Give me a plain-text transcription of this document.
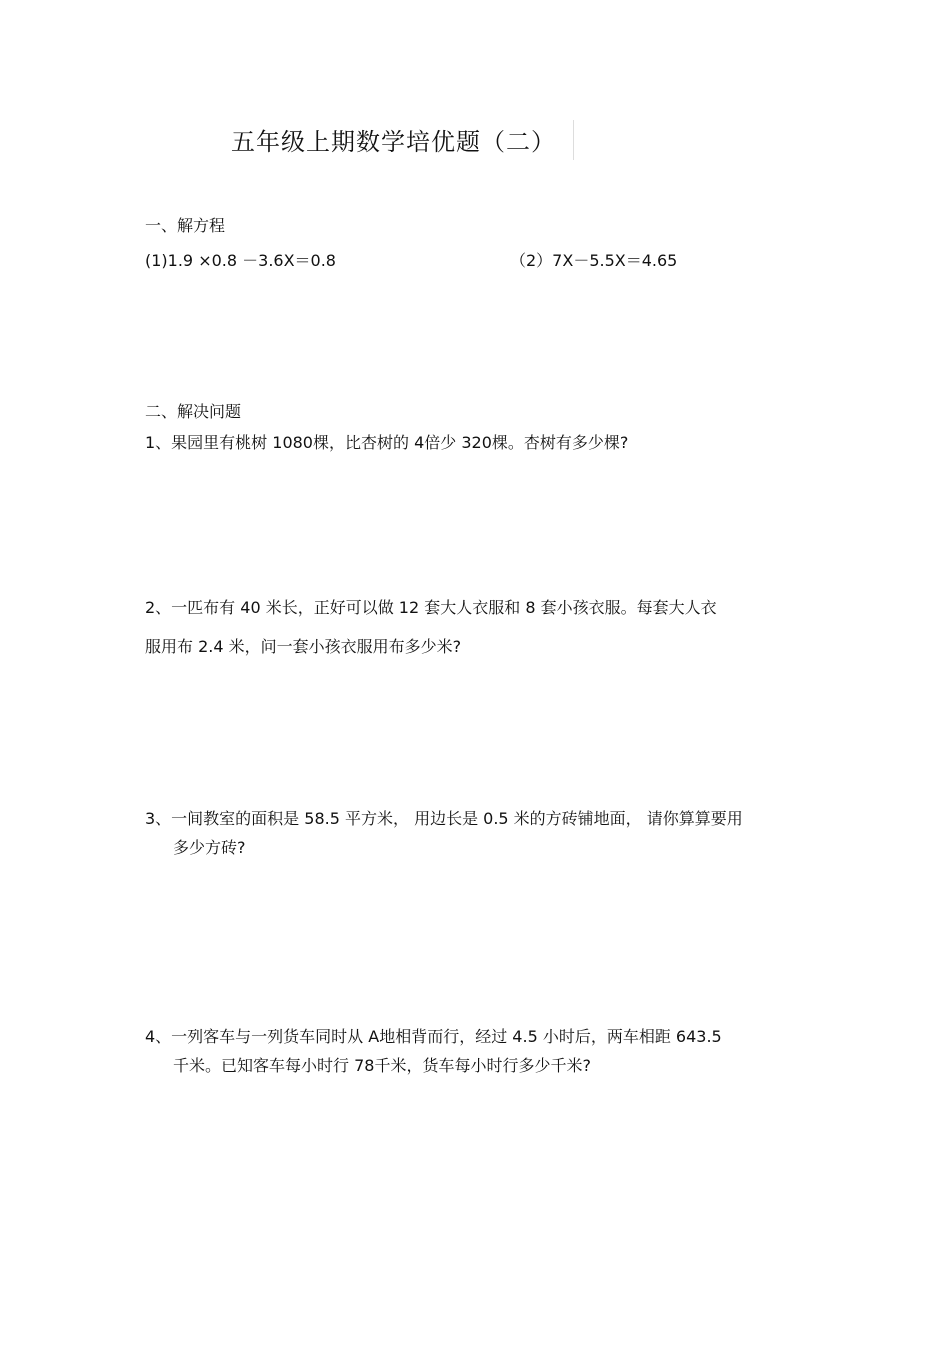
五年级上期数学培优题（二）
一、解方程
(1)1.9 ×0.8 －3.6X＝0.8	（2）7X－5.5X＝4.65
二、解决问题
1、果园里有桃树 1080棵，比杏树的 4倍少 320棵。杏树有多少棵?
2、一匹布有 40 米长，正好可以做 12 套大人衣服和 8 套小孩衣服。每套大人衣
服用布 2.4 米，问一套小孩衣服用布多少米?
3、一间教室的面积是 58.5 平方米， 用边长是 0.5 米的方砖铺地面， 请你算算要用
多少方砖?
4、一列客车与一列货车同时从 A地相背而行，经过 4.5 小时后，两车相距 643.5
千米。已知客车每小时行 78千米，货车每小时行多少千米?
